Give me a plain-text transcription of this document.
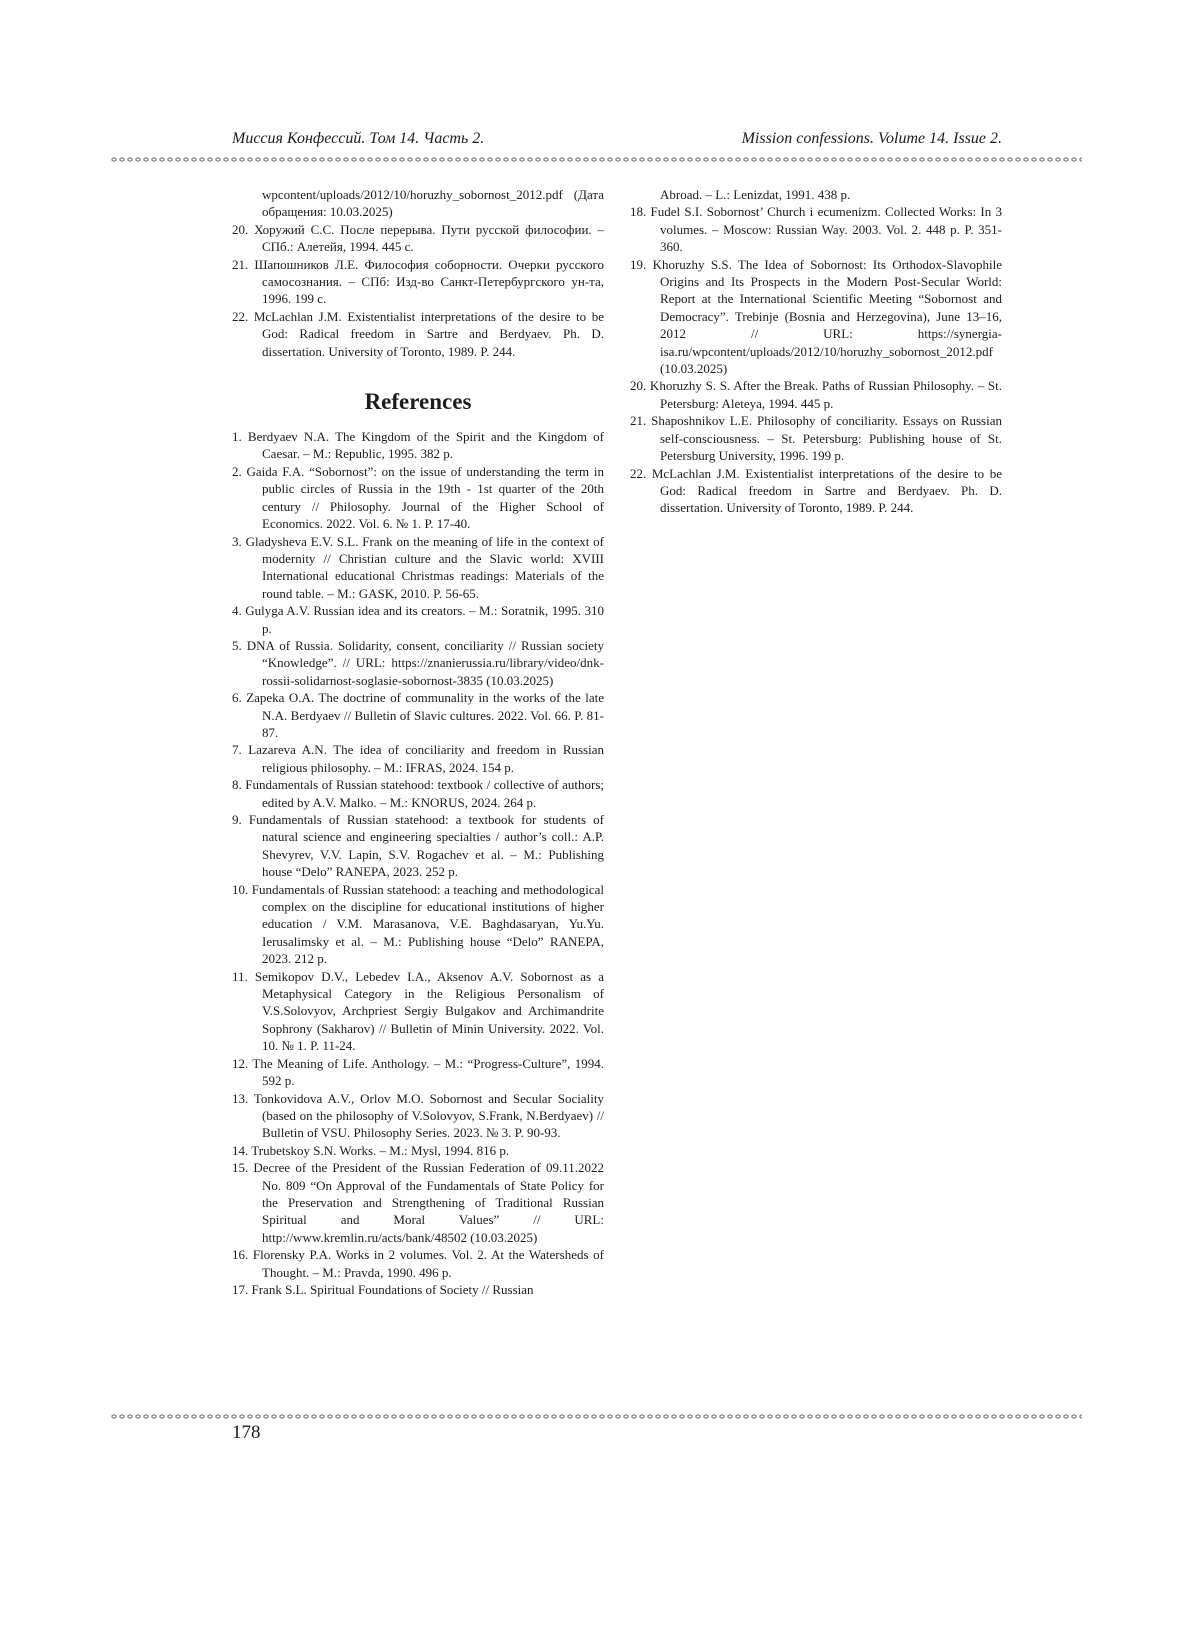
Миссия Конфессий. Том 14. Часть 2.	Mission confessions. Volume 14. Issue 2.
wpcontent/uploads/2012/10/horuzhy_sobornost_2012.pdf (Дата обращения: 10.03.2025)
20. Хоружий С.С. После перерыва. Пути русской философии. – СПб.: Алетейя, 1994. 445 с.
21. Шапошников Л.Е. Философия соборности. Очерки русского самосознания. – СПб: Изд-во Санкт-Петербургского ун-та, 1996. 199 с.
22. McLachlan J.M. Existentialist interpretations of the desire to be God: Radical freedom in Sartre and Berdyaev. Ph. D. dissertation. University of Toronto, 1989. P. 244.
References
1. Berdyaev N.A. The Kingdom of the Spirit and the Kingdom of Caesar. – M.: Republic, 1995. 382 p.
2. Gaida F.A. “Sobornost”: on the issue of understanding the term in public circles of Russia in the 19th - 1st quarter of the 20th century // Philosophy. Journal of the Higher School of Economics. 2022. Vol. 6. № 1. P. 17-40.
3. Gladysheva E.V. S.L. Frank on the meaning of life in the context of modernity // Christian culture and the Slavic world: XVIII International educational Christmas readings: Materials of the round table. – M.: GASK, 2010. P. 56-65.
4. Gulyga A.V. Russian idea and its creators. – M.: Soratnik, 1995. 310 p.
5. DNA of Russia. Solidarity, consent, conciliarity // Russian society “Knowledge”. // URL: https://znanierussia.ru/library/video/dnk-rossii-solidarnost-soglasie-sobornost-3835 (10.03.2025)
6. Zapeka O.A. The doctrine of communality in the works of the late N.A. Berdyaev // Bulletin of Slavic cultures. 2022. Vol. 66. P. 81-87.
7. Lazareva A.N. The idea of conciliarity and freedom in Russian religious philosophy. – M.: IFRAS, 2024. 154 p.
8. Fundamentals of Russian statehood: textbook / collective of authors; edited by A.V. Malko. – M.: KNORUS, 2024. 264 p.
9. Fundamentals of Russian statehood: a textbook for students of natural science and engineering specialties / author’s coll.: A.P. Shevyrev, V.V. Lapin, S.V. Rogachev et al. – M.: Publishing house “Delo” RANEPA, 2023. 252 p.
10. Fundamentals of Russian statehood: a teaching and methodological complex on the discipline for educational institutions of higher education / V.M. Marasanova, V.E. Baghdasaryan, Yu.Yu. Ierusalimsky et al. – M.: Publishing house “Delo” RANEPA, 2023. 212 p.
11. Semikopov D.V., Lebedev I.A., Aksenov A.V. Sobornost as a Metaphysical Category in the Religious Personalism of V.S.Solovyov, Archpriest Sergiy Bulgakov and Archimandrite Sophrony (Sakharov) // Bulletin of Minin University. 2022. Vol. 10. № 1. P. 11-24.
12. The Meaning of Life. Anthology. – M.: “Progress-Culture”, 1994. 592 p.
13. Tonkovidova A.V., Orlov M.O. Sobornost and Secular Sociality (based on the philosophy of V.Solovyov, S.Frank, N.Berdyaev) // Bulletin of VSU. Philosophy Series. 2023. № 3. P. 90-93.
14. Trubetskoy S.N. Works. – M.: Mysl, 1994. 816 p.
15. Decree of the President of the Russian Federation of 09.11.2022 No. 809 “On Approval of the Fundamentals of State Policy for the Preservation and Strengthening of Traditional Russian Spiritual and Moral Values” // URL: http://www.kremlin.ru/acts/bank/48502 (10.03.2025)
16. Florensky P.A. Works in 2 volumes. Vol. 2. At the Watersheds of Thought. – M.: Pravda, 1990. 496 p.
17. Frank S.L. Spiritual Foundations of Society // Russian
Abroad. – L.: Lenizdat, 1991. 438 p.
18. Fudel S.I. Sobornost’ Church i ecumenizm. Collected Works: In 3 volumes. – Moscow: Russian Way. 2003. Vol. 2. 448 p. P. 351-360.
19. Khoruzhy S.S. The Idea of Sobornost: Its Orthodox-Slavophile Origins and Its Prospects in the Modern Post-Secular World: Report at the International Scientific Meeting “Sobornost and Democracy”. Trebinje (Bosnia and Herzegovina), June 13–16, 2012 // URL: https://synergia-isa.ru/wpcontent/uploads/2012/10/horuzhy_sobornost_2012.pdf (10.03.2025)
20. Khoruzhy S. S. After the Break. Paths of Russian Philosophy. – St. Petersburg: Aleteya, 1994. 445 p.
21. Shaposhnikov L.E. Philosophy of conciliarity. Essays on Russian self-consciousness. – St. Petersburg: Publishing house of St. Petersburg University, 1996. 199 p.
22. McLachlan J.M. Existentialist interpretations of the desire to be God: Radical freedom in Sartre and Berdyaev. Ph. D. dissertation. University of Toronto, 1989. P. 244.
178
